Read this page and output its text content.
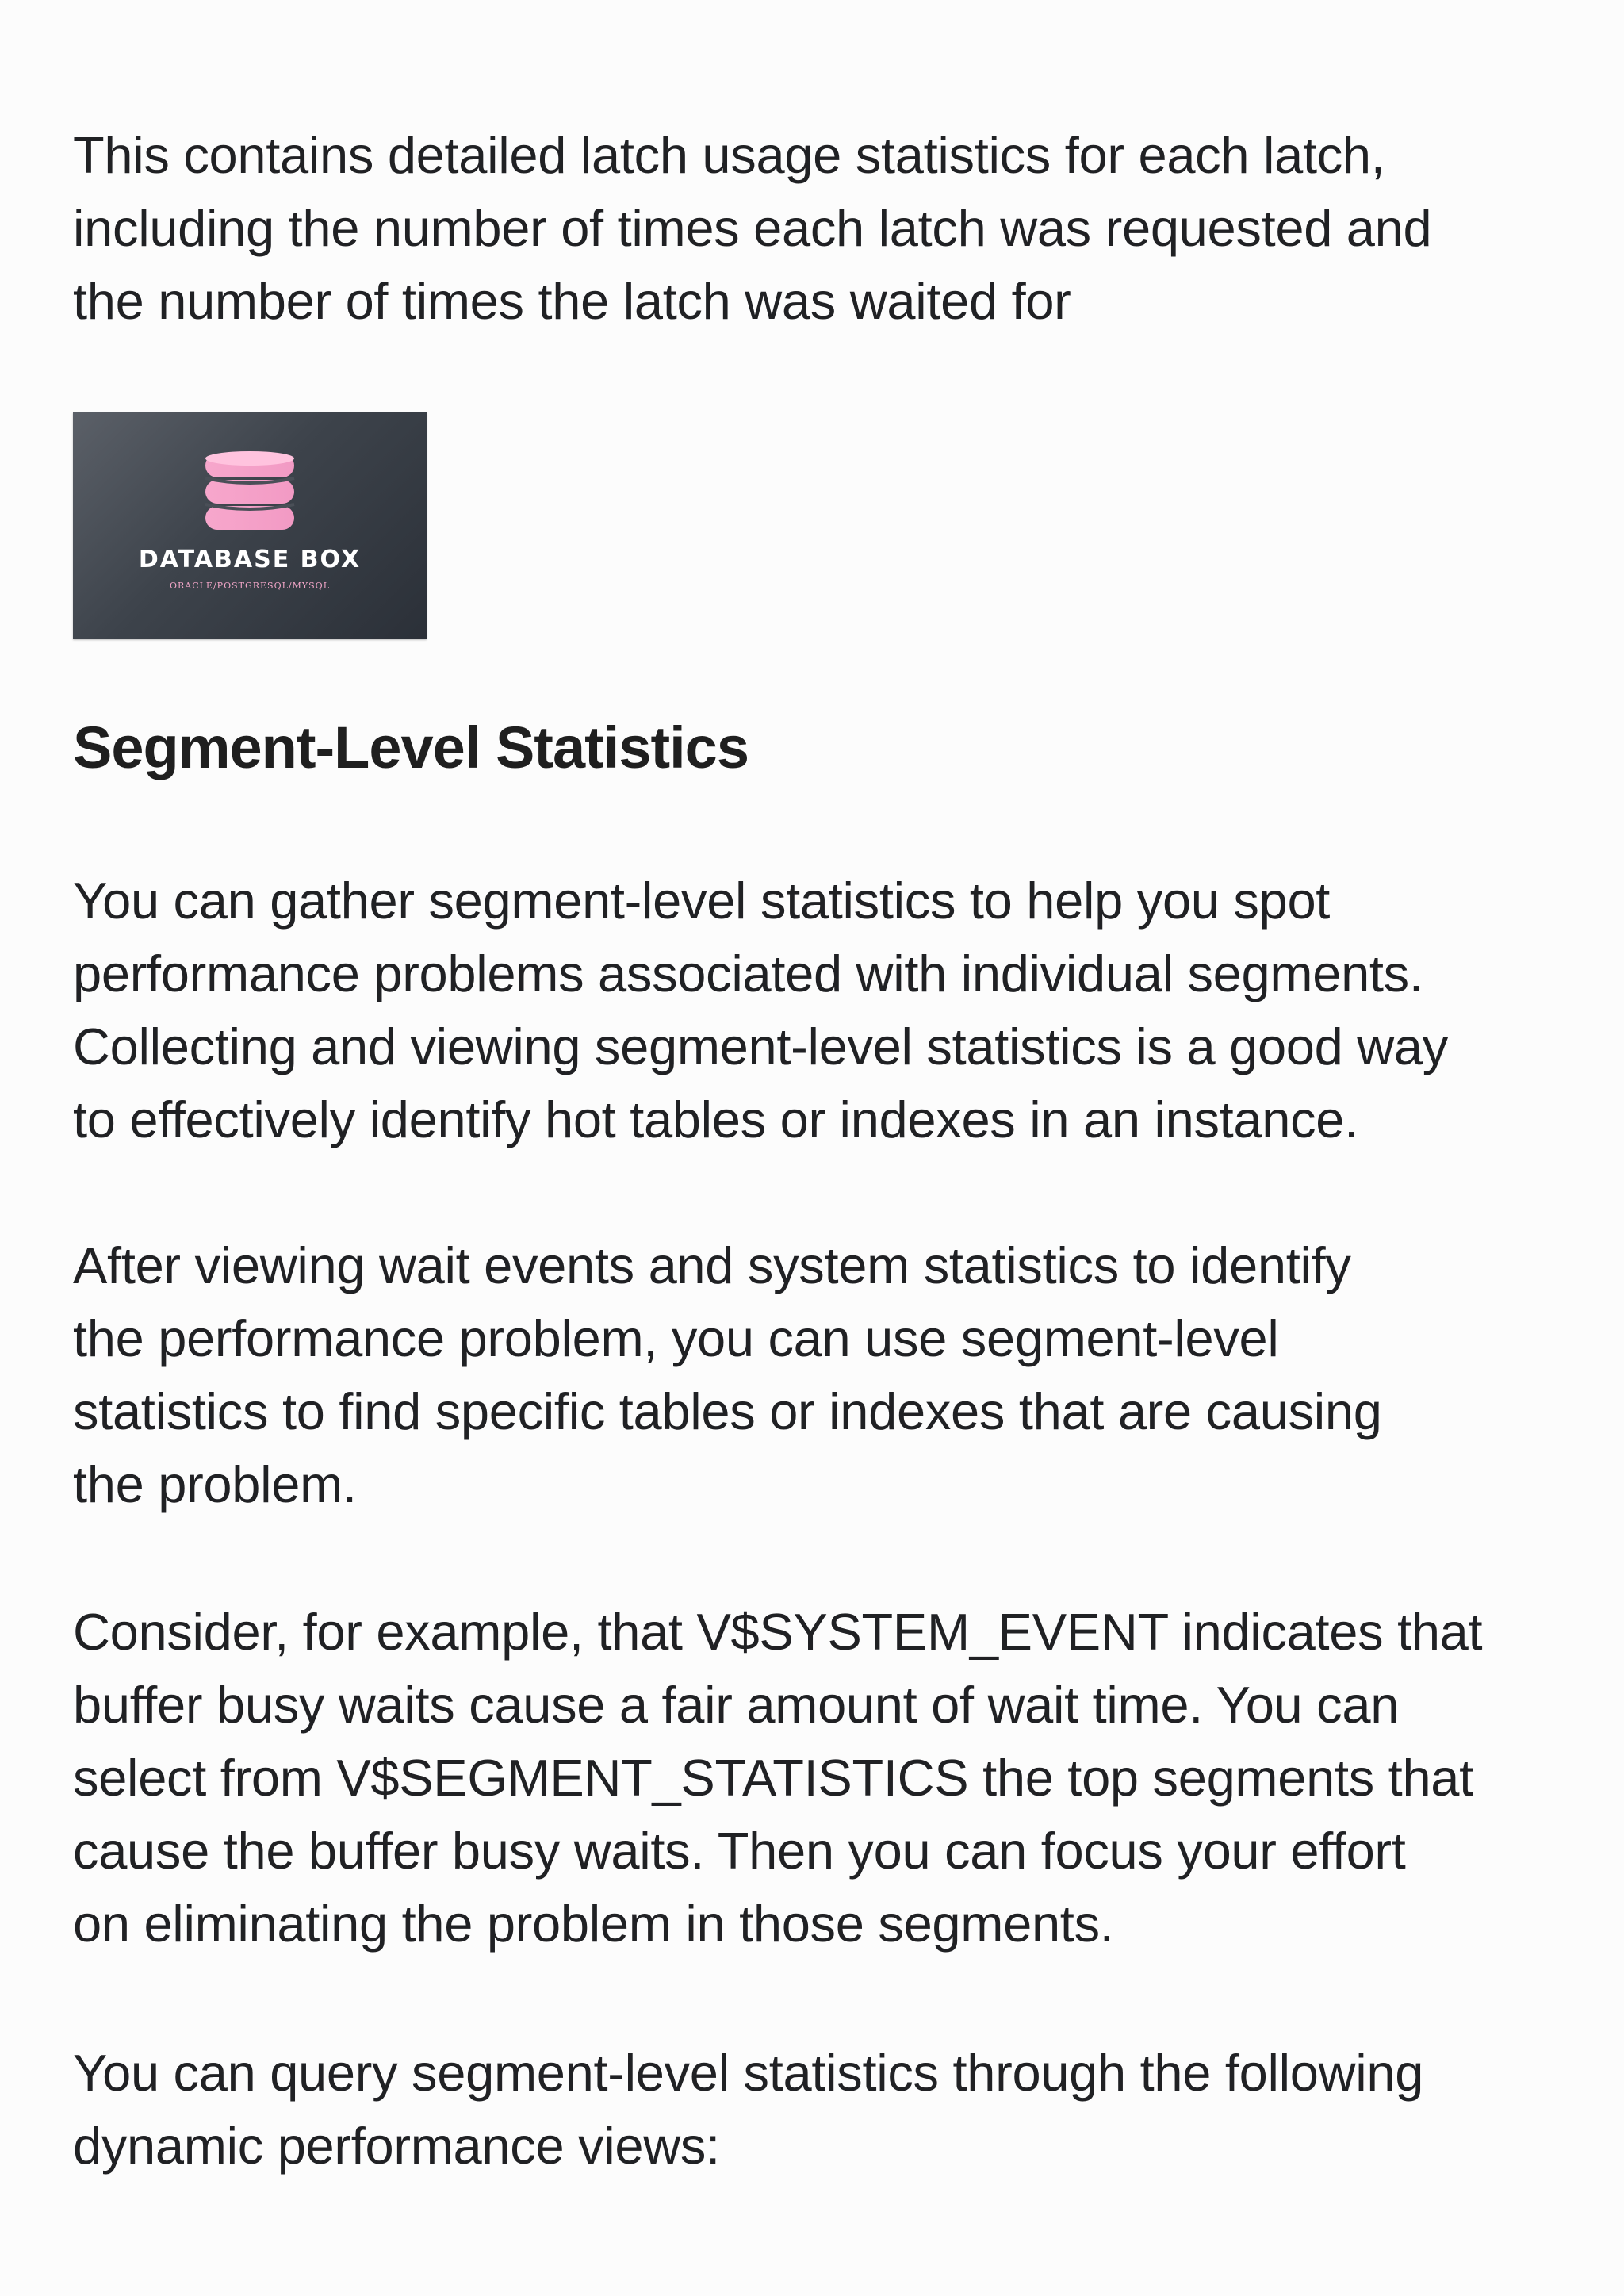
This contains detailed latch usage statistics for each latch,
including the number of times each latch was requested and
the number of times the latch was waited for

DATABASE BOX
ORACLE/POSTGRESQL/MYSQL
Segment-Level Statistics

You can gather segment-level statistics to help you spot
performance problems associated with individual segments.
Collecting and viewing segment-level statistics is a good way
to effectively identify hot tables or indexes in an instance.

After viewing wait events and system statistics to identify
the performance problem, you can use segment-level
statistics to find specific tables or indexes that are causing
the problem.

Consider, for example, that V$SYSTEM_EVENT indicates that
buffer busy waits cause a fair amount of wait time. You can
select from V$SEGMENT_STATISTICS the top segments that
cause the buffer busy waits. Then you can focus your effort
on eliminating the problem in those segments.

You can query segment-level statistics through the following
dynamic performance views:
